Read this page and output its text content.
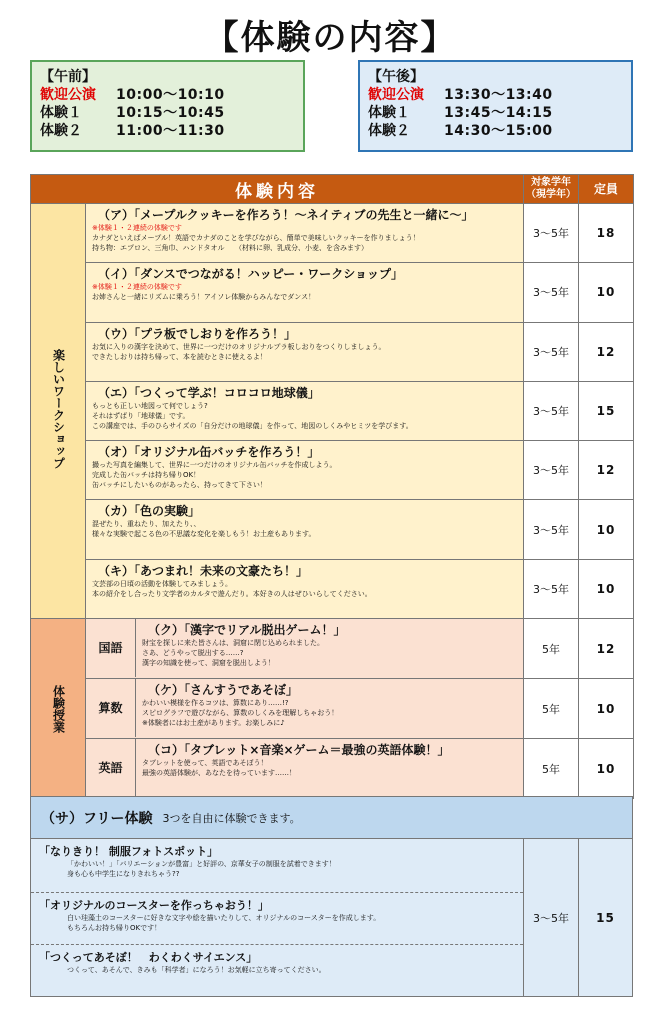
【体験の内容】
【午前】
歓迎公演	10:00〜10:10
体験１	10:15〜10:45
体験２	11:00〜11:30
【午後】
歓迎公演	13:30〜13:40
体験１	13:45〜14:15
体験２	14:30〜15:00
体験内容		対象学年
（現学年）	定員
楽しいワークショップ	（ア）「メープルクッキーを作ろう！〜ネイティブの先生と一緒に〜」
※体験１・２連続の体験です
カナダといえばメープル！英語でカナダのことを学びながら、簡単で美味しいクッキーを作りましょう！
持ち物：エプロン、三角巾、ハンドタオル　　（材料に卵、乳成分、小麦、を含みます）	3〜5年	18

	（イ）「ダンスでつながる！ハッピー・ワークショップ」
※体験１・２連続の体験です
お姉さんと一緒にリズムに乗ろう！アイソレ体験からみんなでダンス！	3〜5年	10

	（ウ）「プラ板でしおりを作ろう！」
お気に入りの漢字を決めて、世界に一つだけのオリジナルプラ板しおりをつくりしましょう。
できたしおりは持ち帰って、本を読むときに使えるよ！	3〜5年	12

	（エ）「つくって学ぶ！コロコロ地球儀」
もっとも正しい地図って何でしょう?
それはずばり「地球儀」です。
この講座では、手のひらサイズの「自分だけの地球儀」を作って、地図のしくみやヒミツを学びます。	3〜5年	15

	（オ）「オリジナル缶バッチを作ろう！」
撮った写真を編集して、世界に一つだけのオリジナル缶バッチを作成しよう。
完成した缶バッチは持ち帰りOK！
缶バッチにしたいものがあったら、持ってきて下さい！	3〜5年	12

	（カ）「色の実験」
混ぜたり、重ねたり、加えたり、、
様々な実験で起こる色の不思議な変化を楽しもう！お土産もあります。	3〜5年	10

	（キ）「あつまれ！未来の文豪たち！」
文芸部の日頃の活動を体験してみましょう。
本の紹介をし合ったり文学者のカルタで遊んだり。本好きの人はぜひいらしてください。	3〜5年	10

体験授業	国語
（ク）「漢字でリアル脱出ゲーム！」
財宝を探しに来た皆さんは、洞窟に閉じ込められました。
さあ、どうやって脱出する……?
漢字の知識を使って、洞窟を脱出しよう！	5年	12

	算数
（ケ）「さんすうであそぼ」
かわいい模様を作るコツは、算数にあり……!?
スピログラフで遊びながら、算数のしくみを理解しちゃおう！
※体験者にはお土産があります。お楽しみに♪	5年	10

	英語
（コ）「タブレット×音楽×ゲーム＝最強の英語体験！」
タブレットを使って、英語であそぼう！
最強の英語体験が、あなたを待っています……！	5年	10
（サ）フリー体験 3つを自由に体験できます。
「なりきり！ 制服フォトスポット」
「かわいい！」「バリエーションが豊富」と好評の、京華女子の制服を試着できます！
身も心も中学生になりきれちゃう??
「オリジナルのコースターを作っちゃおう！」
白い珪藻土のコースターに好きな文字や絵を描いたりして、オリジナルのコースターを作成します。
もちろんお持ち帰りOKです！
「つくってあそぼ！　わくわくサイエンス」
つくって、あそんで、きみも「科学者」になろう！お気軽に立ち寄ってください。
3〜5年	15
